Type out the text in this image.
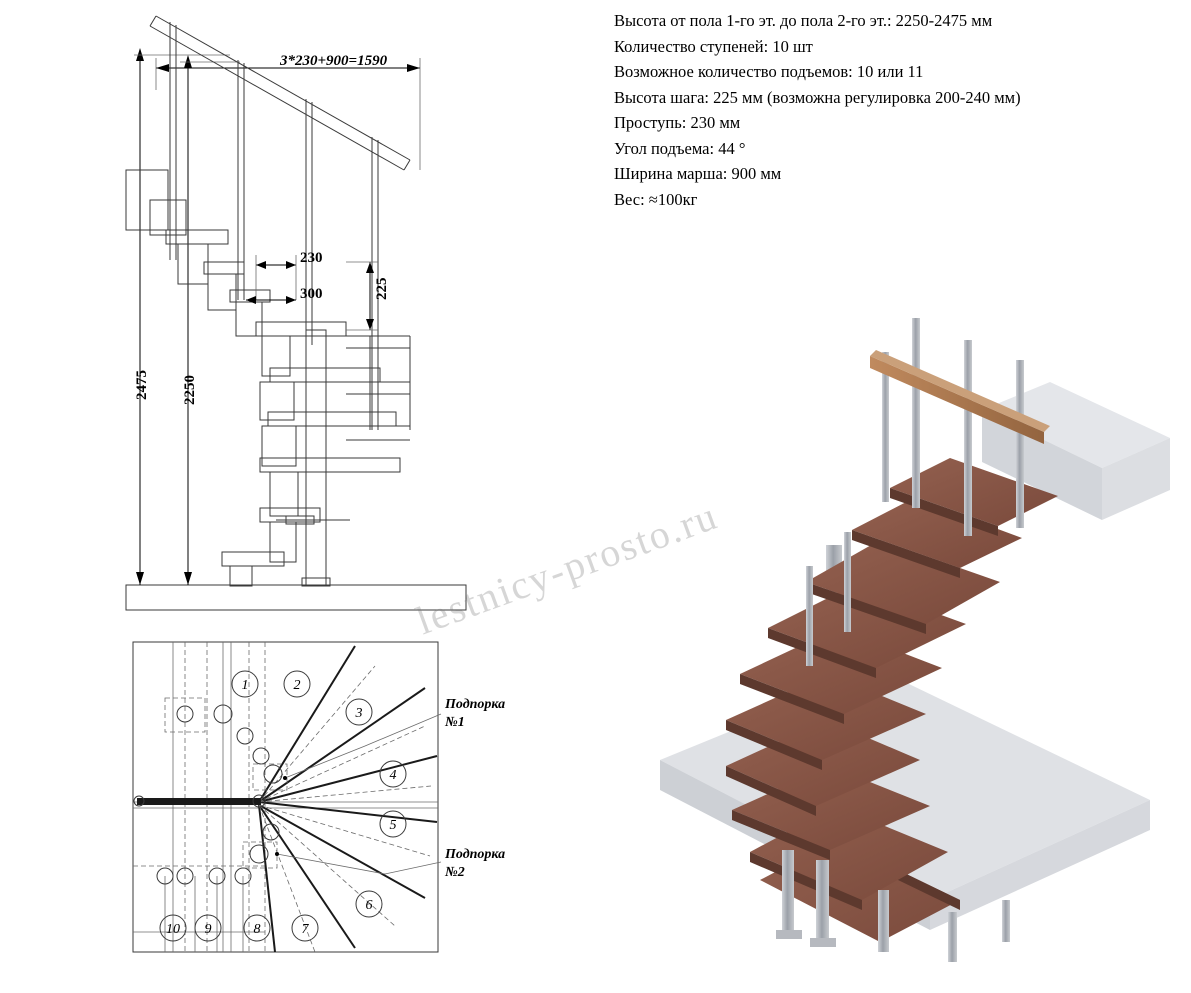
Высота от пола 1-го эт. до пола 2-го эт.: 2250-2475 мм
Количество ступеней: 10 шт
Возможное количество подъемов: 10 или 11
Высота шага: 225 мм (возможна регулировка 200-240 мм)
Проступь: 230 мм
Угол подъема: 44 °
Ширина марша: 900 мм
Вес: ≈100кг
3*230+900=1590
230
300	225
2475 2250
1	2
3
4
5
6
7
8
9
10
Подпорка
№1
Подпорка
№2
lestnicy-prosto.ru
